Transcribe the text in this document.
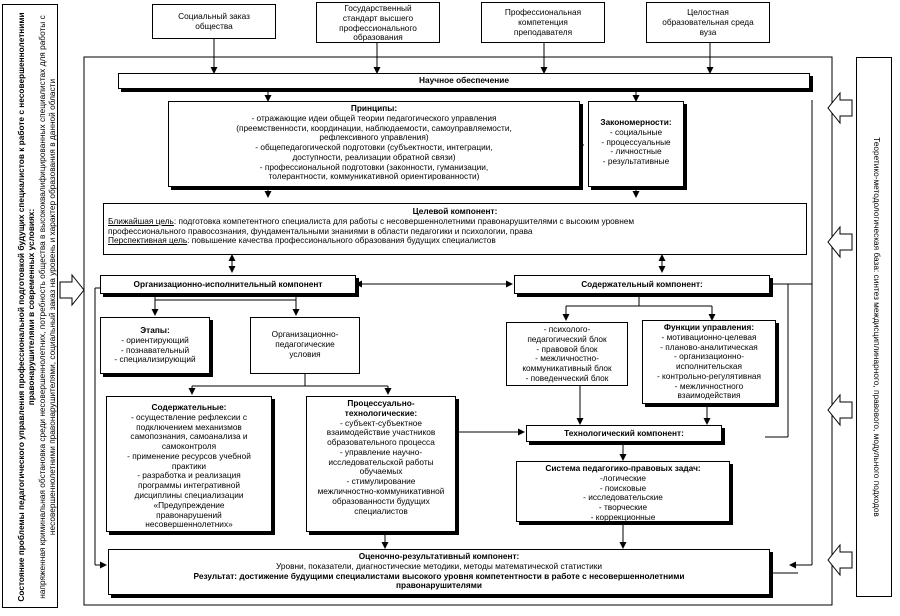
Социальный заказ
общества
Государственный
стандарт высшего
профессионального
образования
Профессиональная
компетенция
преподавателя
Целостная
образовательная среда
вуза
Состояние проблемы педагогического управления профессиональной подготовкой будущих специалистов к работе с несовершеннолетними правонарушителями в современных условиях: напряженная криминальная обстановка среди несовершеннолетних, потребность общества в высококвалифицированных специалистах для работы с несовершеннолетними правонарушителями, социальный заказ на уровень и характер образования в данной области	Теоретико-методологическая база: синтез междисциплинарного, правового, модульного подходов
Научное обеспечение
Принципы:
- отражающие идеи общей теории педагогического управления
(преемственности, координации, наблюдаемости, самоуправляемости,
рефлексивного управления)
- общепедагогической подготовки (субъектности, интеграции,
доступности, реализации обратной связи)
- профессиональной подготовки (законности, гуманизации,
толерантности, коммуникативной ориентированности)
Закономерности:
- социальные
- процессуальные
- личностные
- результативные
Целевой компонент:
Ближайшая цель: подготовка компетентного специалиста для работы с несовершеннолетними правонарушителями с высоким уровнем
профессионального правосознания, фундаментальными знаниями в области педагогики и психологии, права
Перспективная цель: повышение качества профессионального образования будущих специалистов
Организационно-исполнительный компонент	Содержательный компонент:
Этапы:
- ориентирующий
- познавательный
- специализирующий
Организационно-
педагогические
условия
- психолого-
педагогический блок
- правовой блок
- межличностно-
коммуникативный блок
- поведенческий блок
Функции управления:
- мотивационно-целевая
- планово-аналитическая
- организационно-
исполнительская
- контрольно-регулятивная
- межличностного
взаимодействия
Содержательные:
- осуществление рефлексии с
подключением механизмов
самопознания, самоанализа и
самоконтроля
- применение ресурсов учебной
практики
- разработка и реализация
программы интегративной
дисциплины специализации
«Предупреждение
правонарушений
несовершеннолетних»
Процессуально-
технологические:
- субъект-субъектное
взаимодействие участников
образовательного процесса
- управление научно-
исследовательской работы
обучаемых
- стимулирование
межличностно-коммуникативной
образованности будущих
специалистов
Технологический компонент:
Система педагогико-правовых задач:
-логические
- поисковые
- исследовательские
- творческие
- коррекционные
Оценочно-результативный компонент:
Уровни, показатели, диагностические методики, методы математической статистики
Результат: достижение будущими специалистами высокого уровня компетентности в работе с несовершеннолетними
правонарушителями
